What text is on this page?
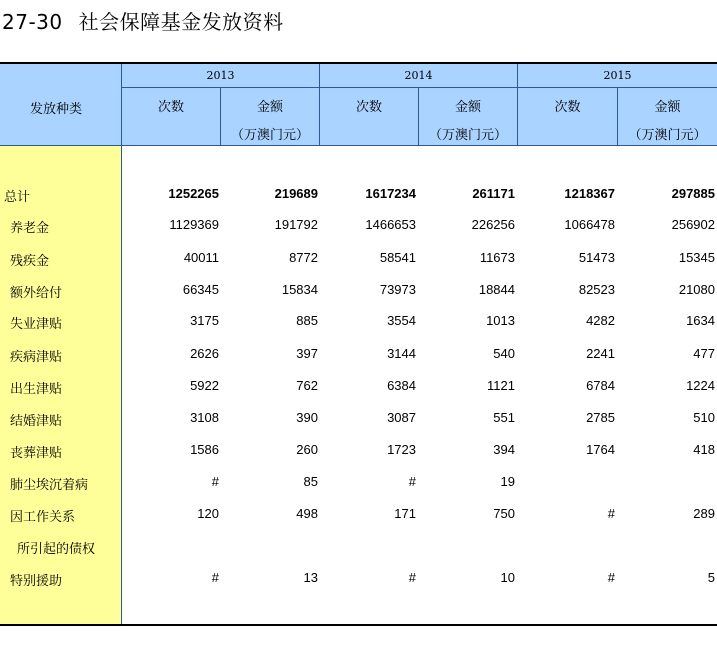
27-30 社会保障基金发放资料
发放种类
2013	2014	2015
次数	金额
（万澳门元）
次数	金额
（万澳门元）
次数	金额
（万澳门元）
总计	1252265	219689	1617234	261171	1218367	297885
养老金	1129369	191792	1466653	226256	1066478	256902
残疾金	40011	8772	58541	11673	51473	15345
额外给付	66345	15834	73973	18844	82523	21080
失业津贴	3175	885	3554	1013	4282	1634
疾病津贴	2626	397	3144	540	2241	477
出生津贴	5922	762	6384	1121	6784	1224
结婚津贴	3108	390	3087	551	2785	510
丧葬津贴	1586	260	1723	394	1764	418
肺尘埃沉着病	#	85	#	19
因工作关系	120	498	171	750	#	289
所引起的债权
特别援助	#	13	#	10	#	5
